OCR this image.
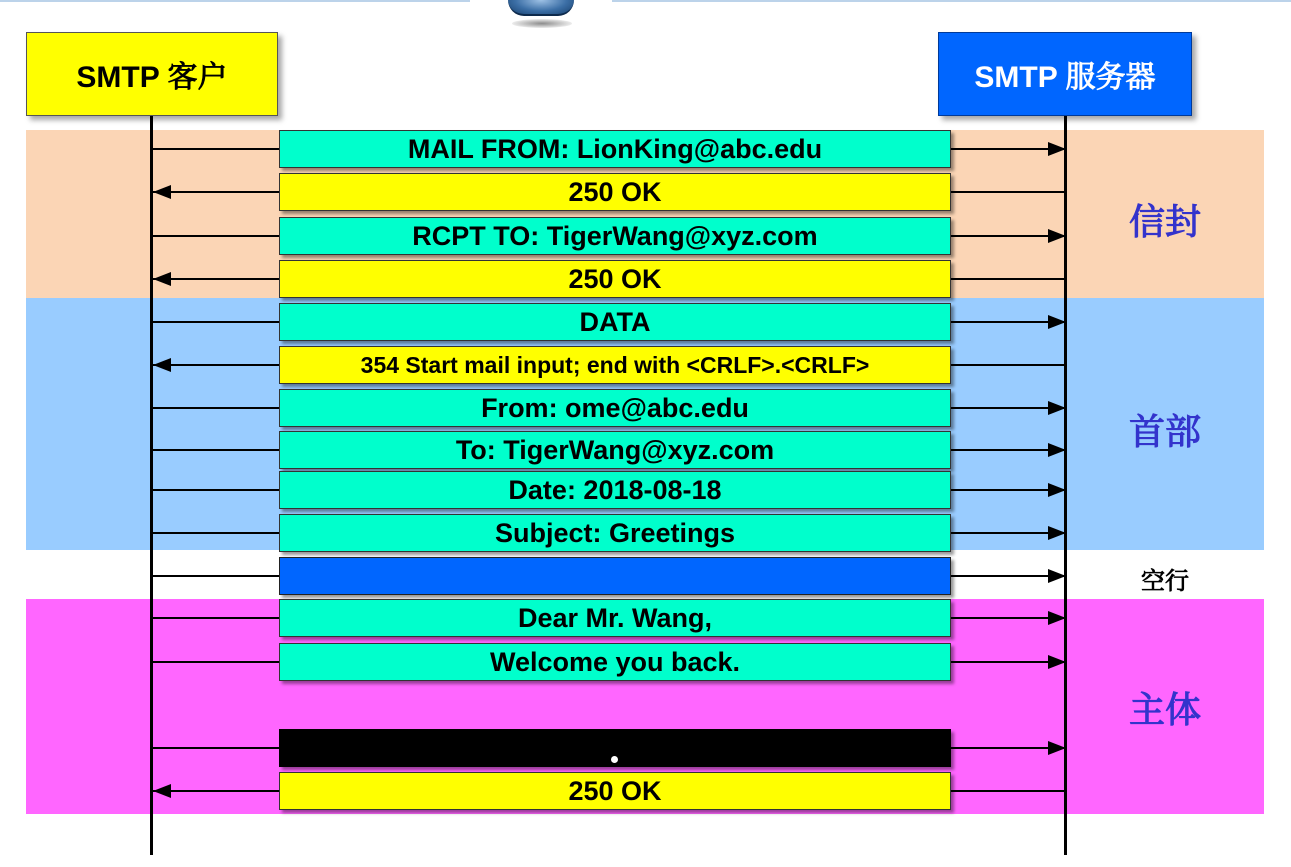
SMTP 客户	SMTP 服务器
MAIL FROM: LionKing@abc.edu
250 OK
RCPT TO: TigerWang@xyz.com
250 OK
DATA
354 Start mail input; end with <CRLF>.<CRLF>
From: ome@abc.edu
To: TigerWang@xyz.com
Date: 2018-08-18
Subject: Greetings
Dear Mr. Wang,
Welcome you back.
250 OK
信封
首部
空行
主体
